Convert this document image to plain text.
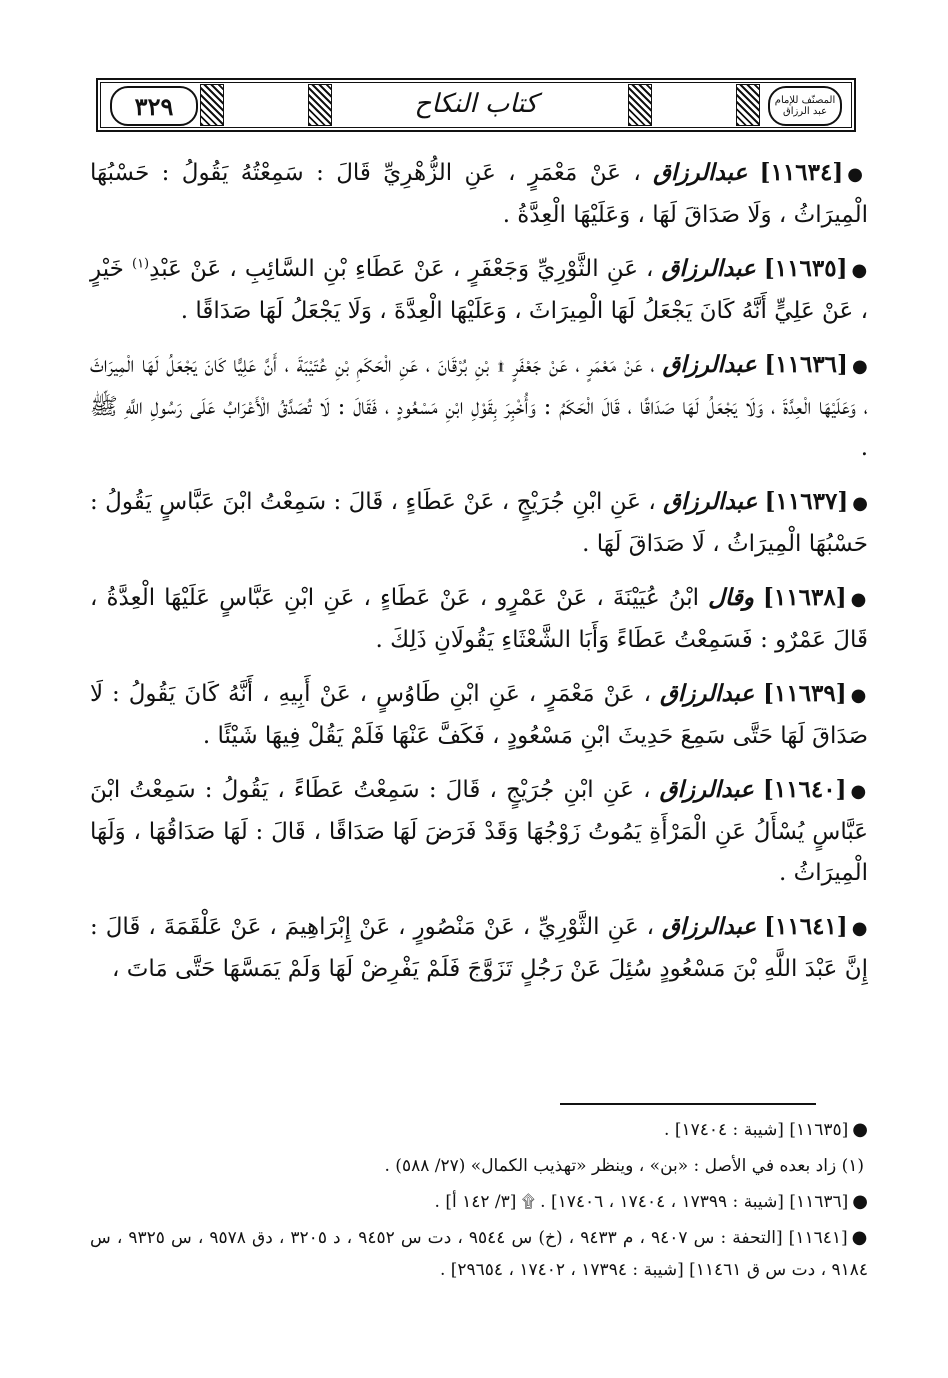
٣٢٩	كتاب النكاح	المصنّف للإمام عبد الرزاق

●[١١٦٣٤] عبدالرزاق ، عَنْ مَعْمَرٍ ، عَنِ الزُّهْرِيِّ قَالَ : سَمِعْتُهُ يَقُولُ : حَسْبُهَا الْمِيرَاثُ ، وَلَا صَدَاقَ لَهَا ، وَعَلَيْهَا الْعِدَّةُ .

●[١١٦٣٥] عبدالرزاق ، عَنِ الثَّوْرِيِّ وَجَعْفَرٍ ، عَنْ عَطَاءِ بْنِ السَّائِبِ ، عَنْ عَبْدِ$^{(١)}$ خَيْرٍ ، عَنْ عَلِيٍّ أَنَّهُ كَانَ يَجْعَلُ لَهَا الْمِيرَاثَ ، وَعَلَيْهَا الْعِدَّةَ ، وَلَا يَجْعَلُ لَهَا صَدَاقًا .

●[١١٦٣٦] عبدالرزاق ، عَنْ مَعْمَرٍ ، عَنْ جَعْفَرٍ ۩ بْنِ بُرْقَانَ ، عَنِ الْحَكَمِ بْنِ عُتَيْبَةَ ، أَنَّ عَلِيًّا كَانَ يَجْعَلُ لَهَا الْمِيرَاثَ ، وَعَلَيْهَا الْعِدَّةَ ، وَلَا يَجْعَلُ لَهَا صَدَاقًا ، قَالَ الْحَكَمُ : وَأُخْبِرَ بِقَوْلِ ابْنِ مَسْعُودٍ ، فَقَالَ : لَا تُصَدَّقُ الْأَعْرَابُ عَلَى رَسُولِ اللَّهِ ﷺ .

●[١١٦٣٧] عبدالرزاق ، عَنِ ابْنِ جُرَيْجٍ ، عَنْ عَطَاءٍ ، قَالَ : سَمِعْتُ ابْنَ عَبَّاسٍ يَقُولُ : حَسْبُهَا الْمِيرَاثُ ، لَا صَدَاقَ لَهَا .

●[١١٦٣٨] وقال ابْنُ عُيَيْنَةَ ، عَنْ عَمْرٍو ، عَنْ عَطَاءٍ ، عَنِ ابْنِ عَبَّاسٍ عَلَيْهَا الْعِدَّةُ ، قَالَ عَمْرٌو : فَسَمِعْتُ عَطَاءً وَأَبَا الشَّعْثَاءِ يَقُولَانِ ذَلِكَ .

●[١١٦٣٩] عبدالرزاق ، عَنْ مَعْمَرٍ ، عَنِ ابْنِ طَاوُسٍ ، عَنْ أَبِيهِ ، أَنَّهُ كَانَ يَقُولُ : لَا صَدَاقَ لَهَا حَتَّى سَمِعَ حَدِيثَ ابْنِ مَسْعُودٍ ، فَكَفَّ عَنْهَا فَلَمْ يَقُلْ فِيهَا شَيْئًا .

●[١١٦٤٠] عبدالرزاق ، عَنِ ابْنِ جُرَيْجٍ ، قَالَ : سَمِعْتُ عَطَاءً ، يَقُولُ : سَمِعْتُ ابْنَ عَبَّاسٍ يُسْأَلُ عَنِ الْمَرْأَةِ يَمُوتُ زَوْجُهَا وَقَدْ فَرَضَ لَهَا صَدَاقًا ، قَالَ : لَهَا صَدَاقُهَا ، وَلَهَا الْمِيرَاثُ .

●[١١٦٤١] عبدالرزاق ، عَنِ الثَّوْرِيِّ ، عَنْ مَنْصُورٍ ، عَنْ إِبْرَاهِيمَ ، عَنْ عَلْقَمَةَ ، قَالَ : إِنَّ عَبْدَ اللَّهِ بْنَ مَسْعُودٍ سُئِلَ عَنْ رَجُلٍ تَزَوَّجَ فَلَمْ يَفْرِضْ لَهَا وَلَمْ يَمَسَّهَا حَتَّى مَاتَ ،

●[١١٦٣٥] [شيبة : ١٧٤٠٤] .

(١) زاد بعده في الأصل : «بن» ، وينظر «تهذيب الكمال» (٢٧/ ٥٨٨) .

●[١١٦٣٦] [شيبة : ١٧٣٩٩ ، ١٧٤٠٤ ، ١٧٤٠٦] . ۩ [٣/ ١٤٢ أ] .

●[١١٦٤١] [التحفة : س ٩٤٠٧ ، م ٩٤٣٣ ، (خ) س ٩٥٤٤ ، دت س ٩٤٥٢ ، د ٣٢٠٥ ، دق ٩٥٧٨ ، س ٩٣٢٥ ، س ٩١٨٤ ، دت س ق ١١٤٦١] [شيبة : ١٧٣٩٤ ، ١٧٤٠٢ ، ٢٩٦٥٤] .
